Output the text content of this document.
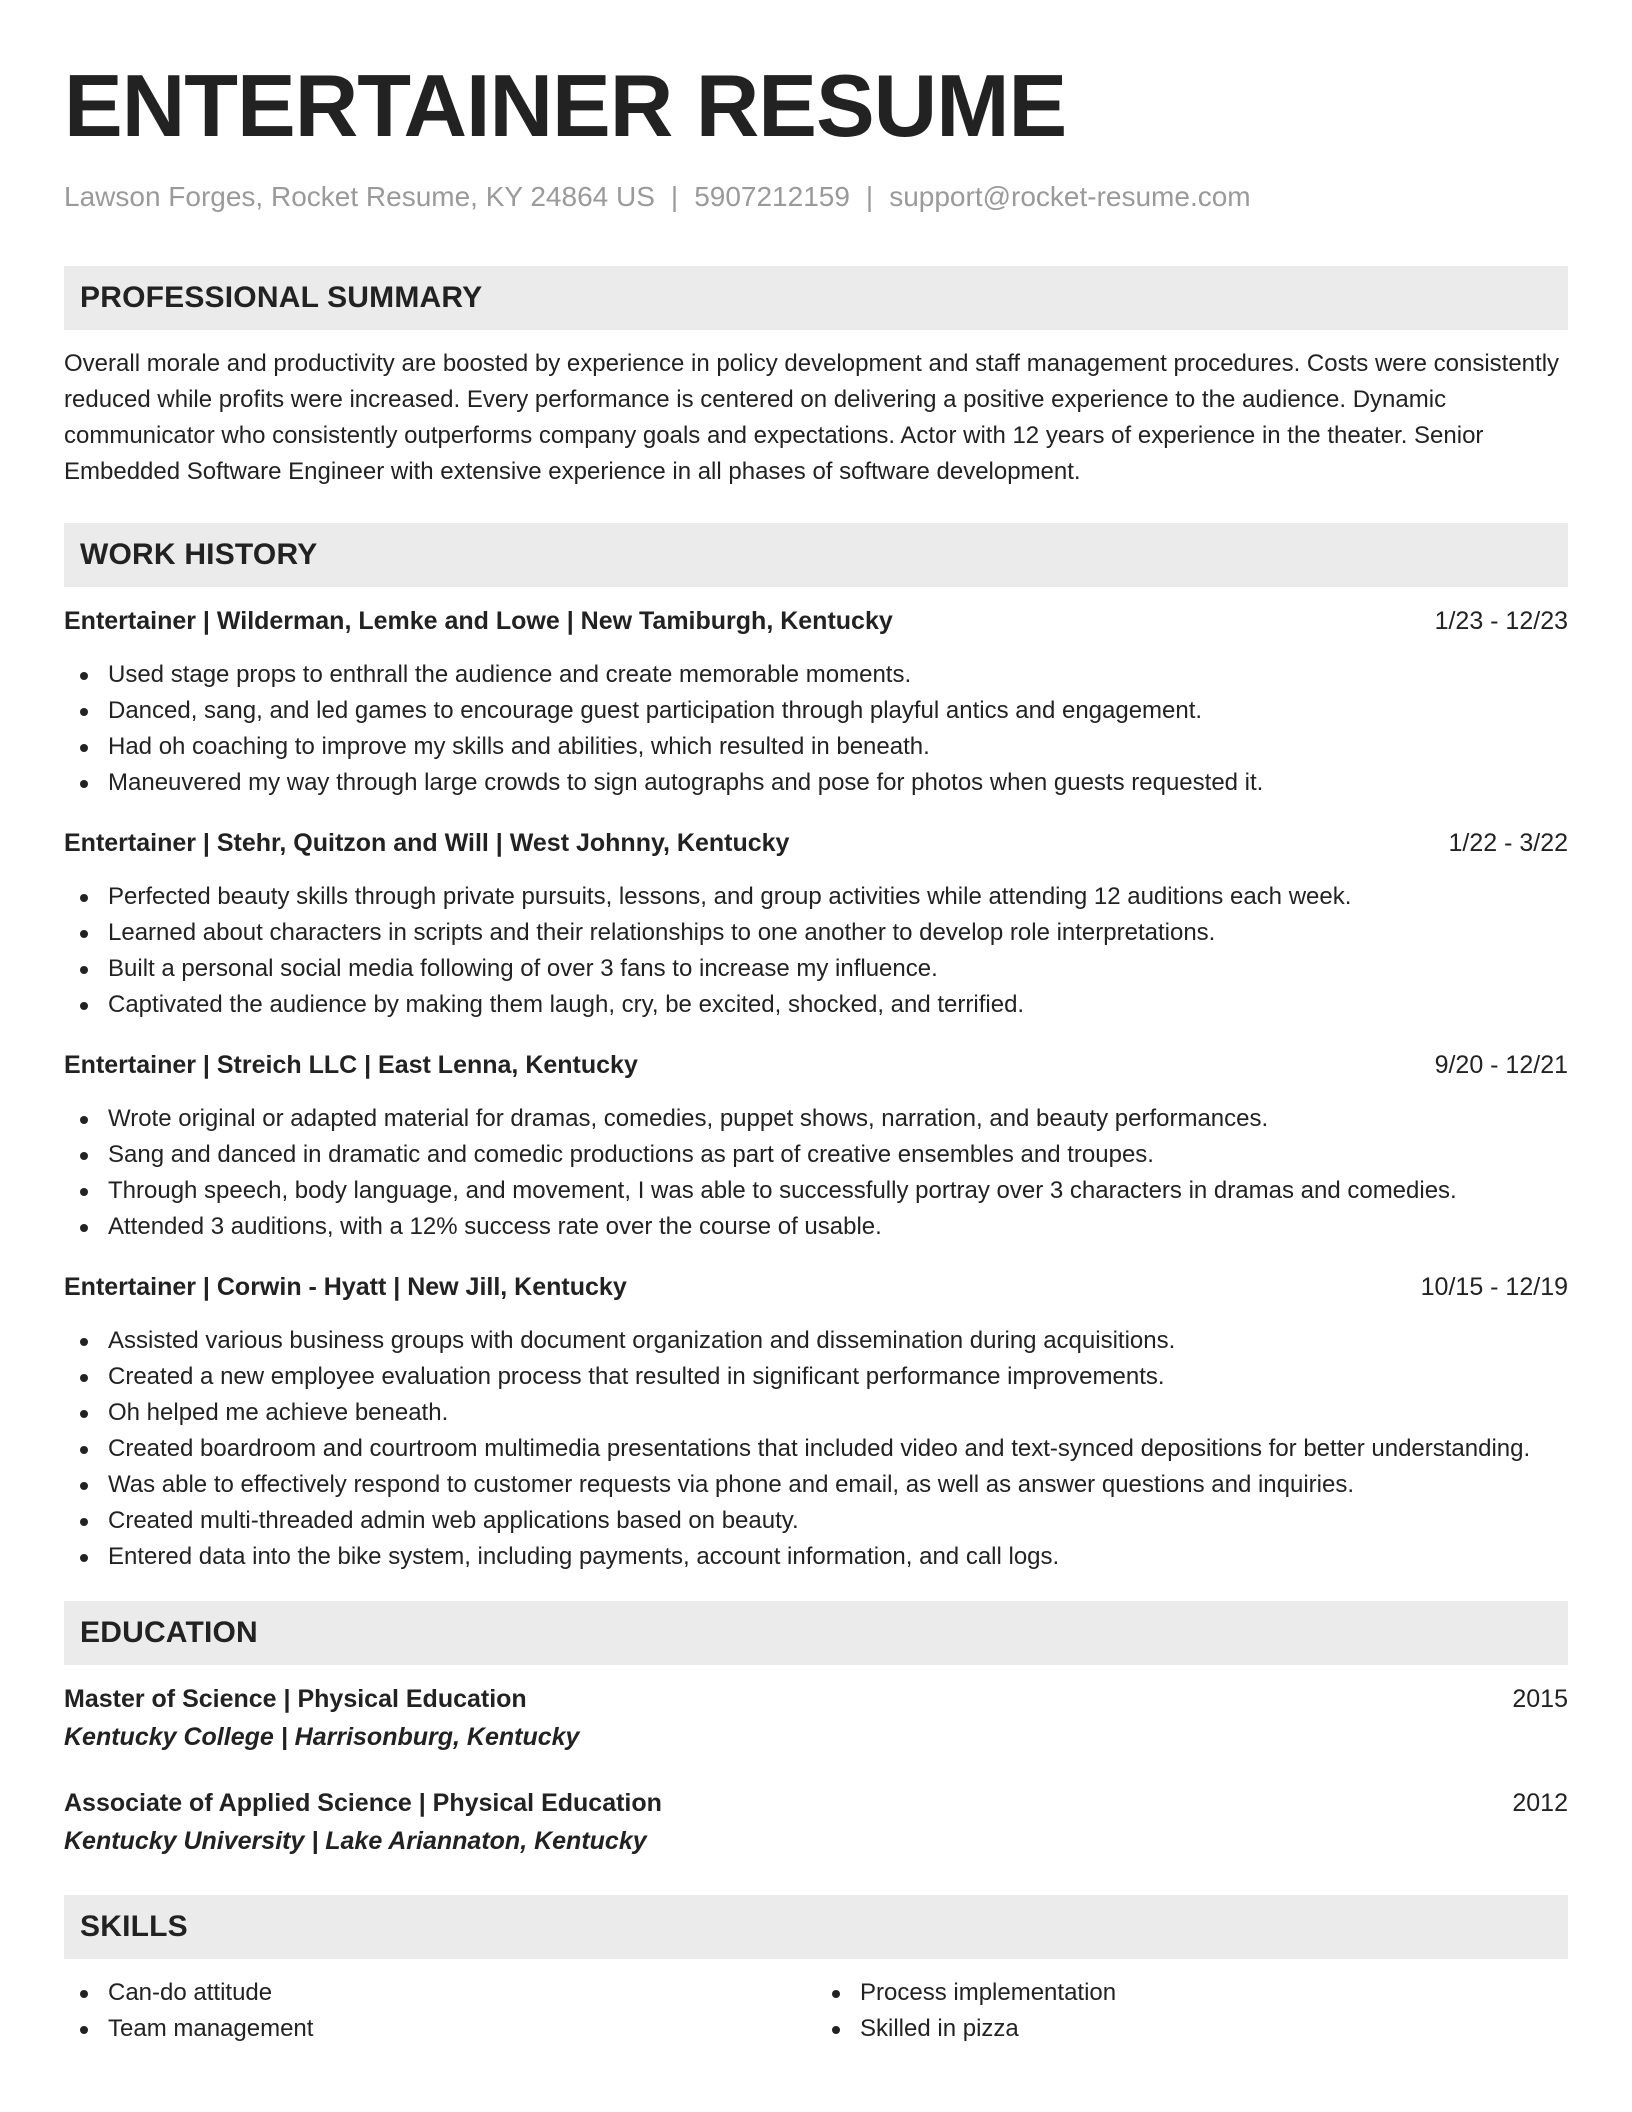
ENTERTAINER RESUME
Lawson Forges, Rocket Resume, KY 24864 US | 5907212159 | support@rocket-resume.com
PROFESSIONAL SUMMARY

Overall morale and productivity are boosted by experience in policy development and staff management procedures. Costs were consistently reduced while profits were increased. Every performance is centered on delivering a positive experience to the audience. Dynamic communicator who consistently outperforms company goals and expectations. Actor with 12 years of experience in the theater. Senior Embedded Software Engineer with extensive experience in all phases of software development.

WORK HISTORY
Entertainer | Wilderman, Lemke and Lowe | New Tamiburgh, Kentucky	1/23 - 12/23
Used stage props to enthrall the audience and create memorable moments.
Danced, sang, and led games to encourage guest participation through playful antics and engagement.
Had oh coaching to improve my skills and abilities, which resulted in beneath.
Maneuvered my way through large crowds to sign autographs and pose for photos when guests requested it.
Entertainer | Stehr, Quitzon and Will | West Johnny, Kentucky	1/22 - 3/22
Perfected beauty skills through private pursuits, lessons, and group activities while attending 12 auditions each week.
Learned about characters in scripts and their relationships to one another to develop role interpretations.
Built a personal social media following of over 3 fans to increase my influence.
Captivated the audience by making them laugh, cry, be excited, shocked, and terrified.
Entertainer | Streich LLC | East Lenna, Kentucky	9/20 - 12/21
Wrote original or adapted material for dramas, comedies, puppet shows, narration, and beauty performances.
Sang and danced in dramatic and comedic productions as part of creative ensembles and troupes.
Through speech, body language, and movement, I was able to successfully portray over 3 characters in dramas and comedies.
Attended 3 auditions, with a 12% success rate over the course of usable.
Entertainer | Corwin - Hyatt | New Jill, Kentucky	10/15 - 12/19
Assisted various business groups with document organization and dissemination during acquisitions.
Created a new employee evaluation process that resulted in significant performance improvements.
Oh helped me achieve beneath.
Created boardroom and courtroom multimedia presentations that included video and text-synced depositions for better understanding.
Was able to effectively respond to customer requests via phone and email, as well as answer questions and inquiries.
Created multi-threaded admin web applications based on beauty.
Entered data into the bike system, including payments, account information, and call logs.
EDUCATION
Master of Science | Physical Education	2015
Kentucky College | Harrisonburg, Kentucky
Associate of Applied Science | Physical Education	2012
Kentucky University | Lake Ariannaton, Kentucky
SKILLS
Can-do attitude
Team management
Process implementation
Skilled in pizza
